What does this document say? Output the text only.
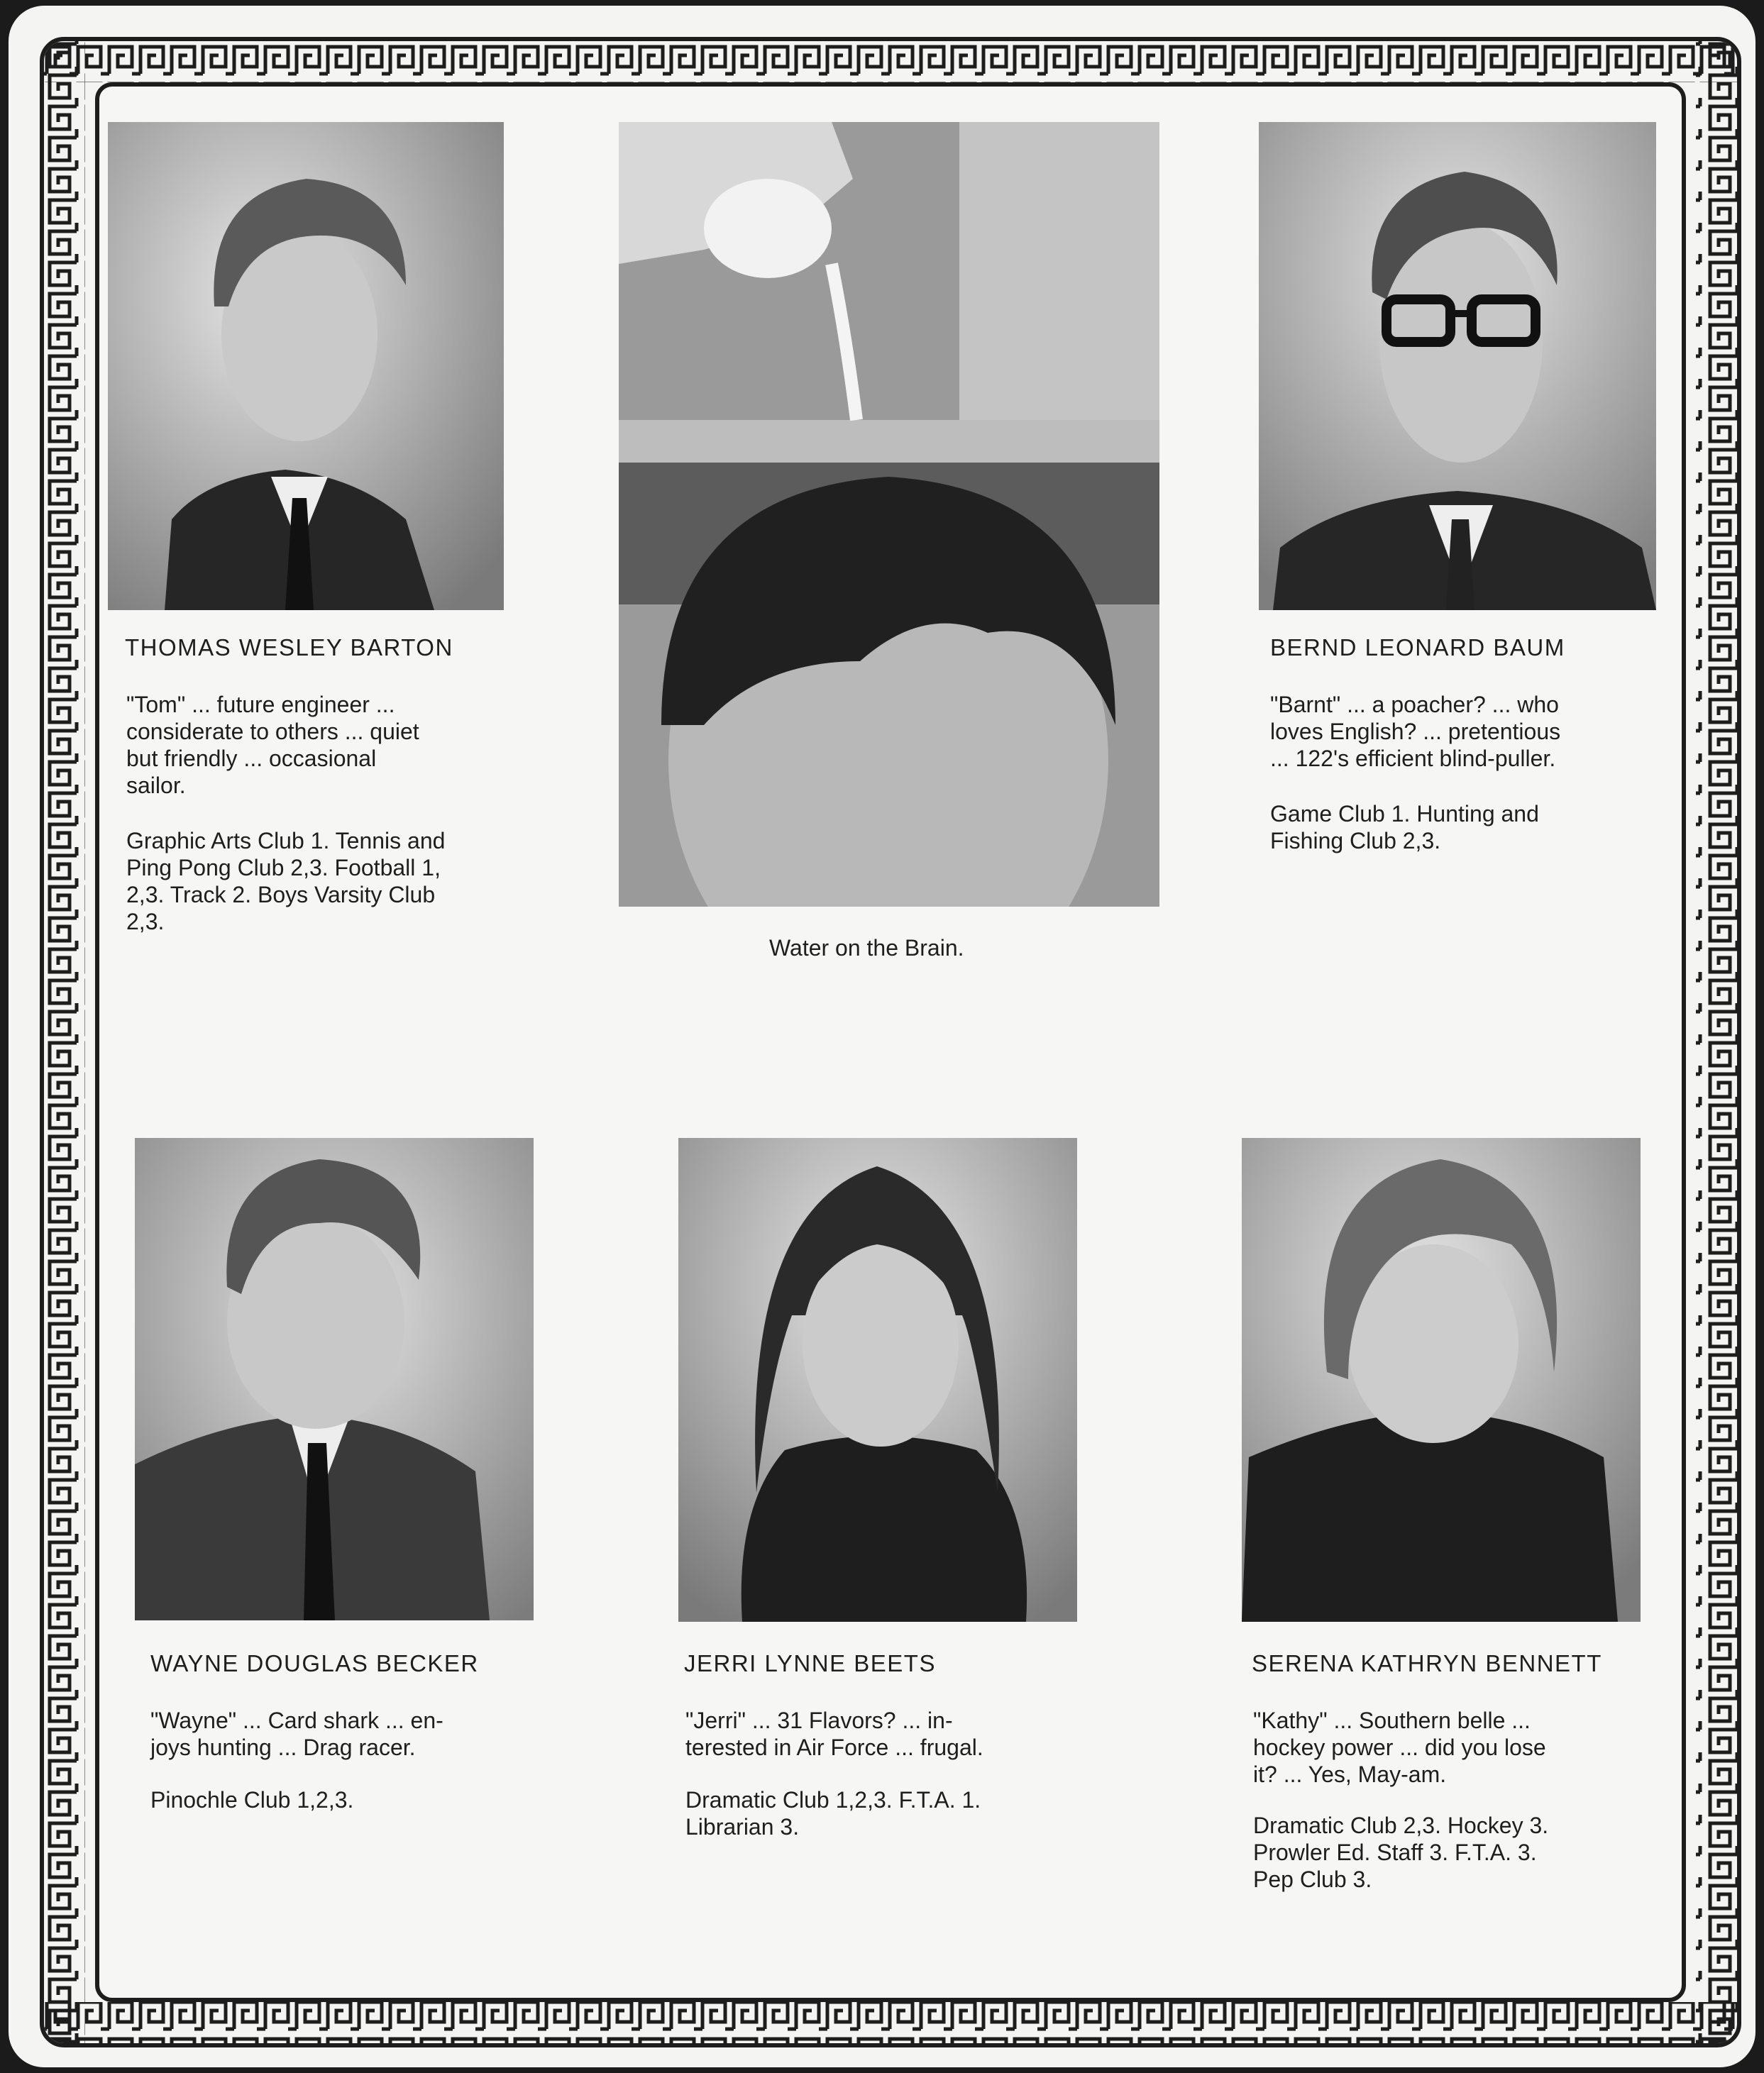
THOMAS WESLEY BARTON
"Tom" ... future engineer ...
considerate to others ... quiet
but friendly ... occasional
sailor.
Graphic Arts Club 1. Tennis and
Ping Pong Club 2,3. Football 1,
2,3. Track 2. Boys Varsity Club
2,3.
Water on the Brain.
BERND LEONARD BAUM
"Barnt" ... a poacher? ... who
loves English? ... pretentious
... 122's efficient blind-puller.
Game Club 1. Hunting and
Fishing Club 2,3.
WAYNE DOUGLAS BECKER
"Wayne" ... Card shark ... en-
joys hunting ... Drag racer.
Pinochle Club 1,2,3.
JERRI LYNNE BEETS
"Jerri" ... 31 Flavors? ... in-
terested in Air Force ... frugal.
Dramatic Club 1,2,3. F.T.A. 1.
Librarian 3.
SERENA KATHRYN BENNETT
"Kathy" ... Southern belle ...
hockey power ... did you lose
it? ... Yes, May-am.
Dramatic Club 2,3. Hockey 3.
Prowler Ed. Staff 3. F.T.A. 3.
Pep Club 3.
